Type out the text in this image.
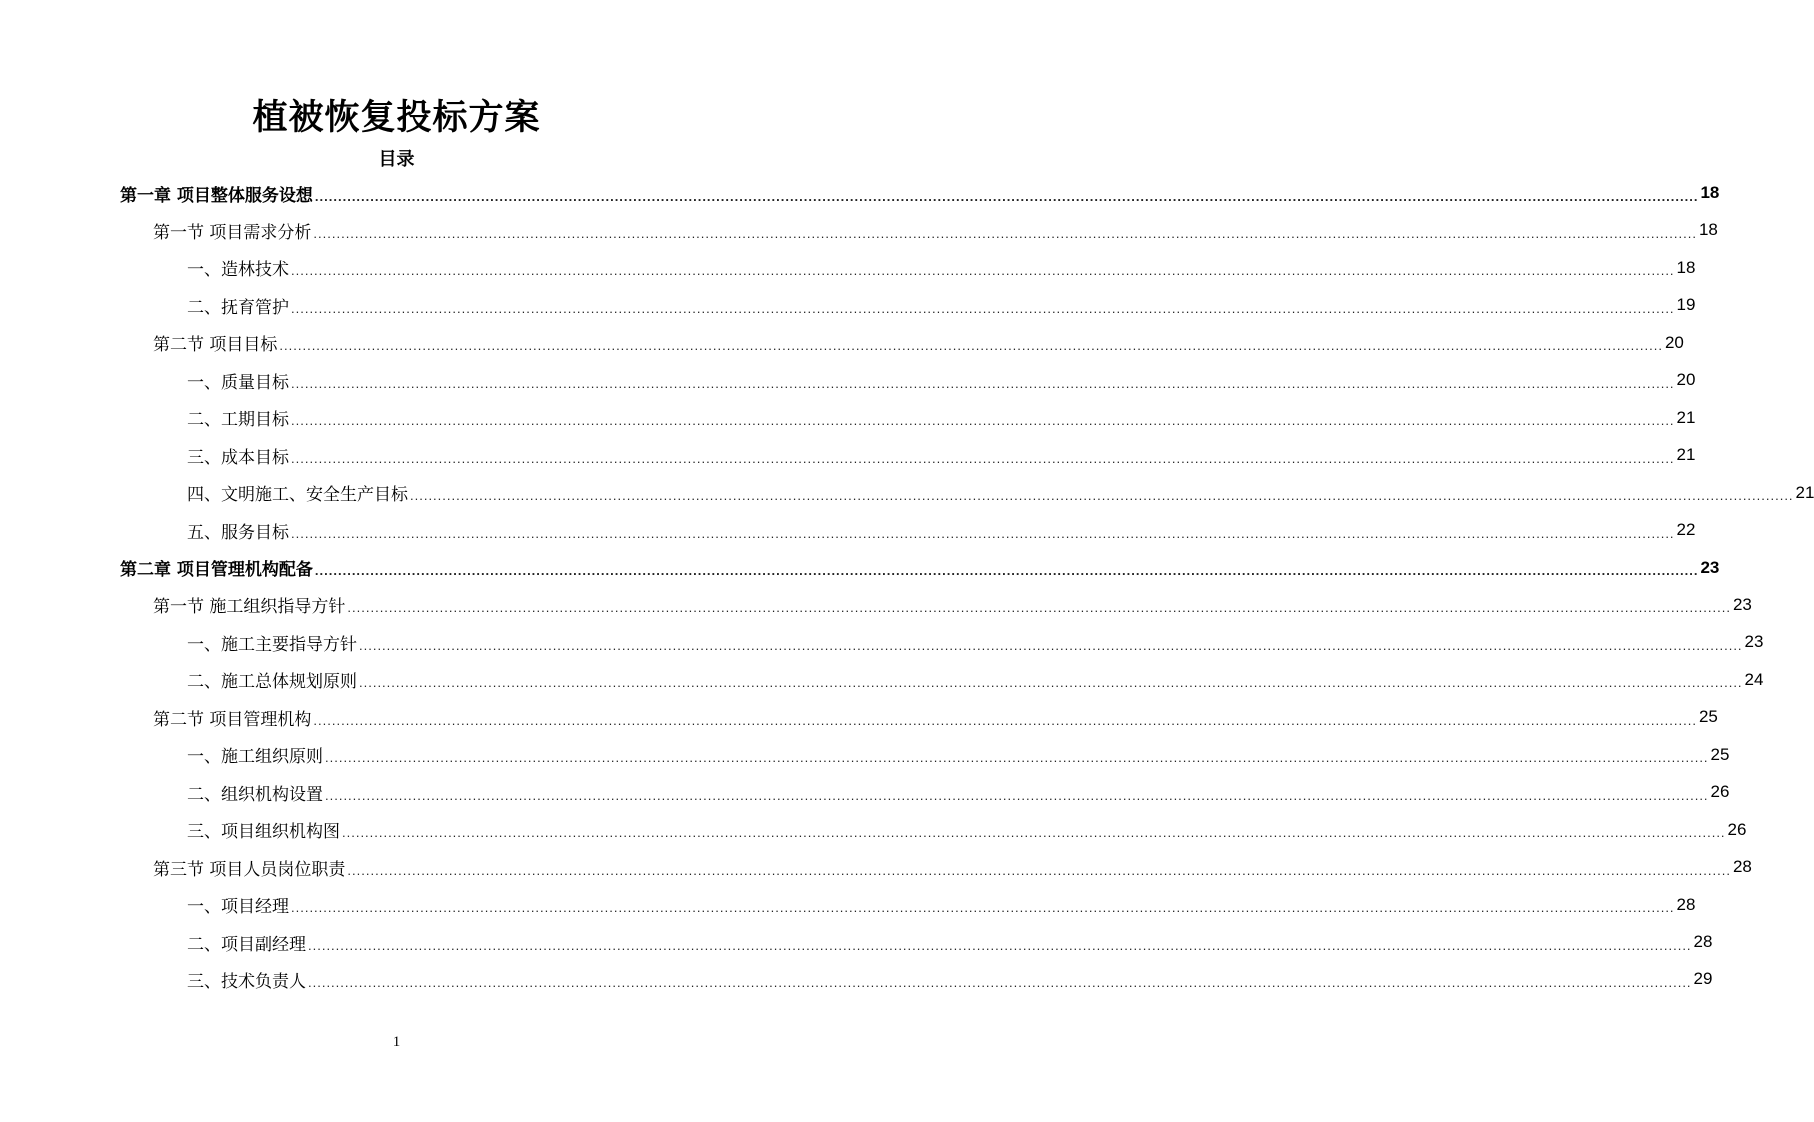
植被恢复投标方案
目录
第一章 项目整体服务设想 ............................................................................................................................................................................................................................................................................................................ 18
第一节 项目需求分析 ............................................................................................................................................................................................................................................................................................................ 18
一、造林技术 ............................................................................................................................................................................................................................................................................................................ 18
二、抚育管护 ............................................................................................................................................................................................................................................................................................................ 19
第二节 项目目标 ............................................................................................................................................................................................................................................................................................................ 20
一、质量目标 ............................................................................................................................................................................................................................................................................................................ 20
二、工期目标 ............................................................................................................................................................................................................................................................................................................ 21
三、成本目标 ............................................................................................................................................................................................................................................................................................................ 21
四、文明施工、安全生产目标 ............................................................................................................................................................................................................................................................................................................ 21
五、服务目标 ............................................................................................................................................................................................................................................................................................................ 22
第二章 项目管理机构配备 ............................................................................................................................................................................................................................................................................................................ 23
第一节 施工组织指导方针 ............................................................................................................................................................................................................................................................................................................ 23
一、施工主要指导方针 ............................................................................................................................................................................................................................................................................................................ 23
二、施工总体规划原则 ............................................................................................................................................................................................................................................................................................................ 24
第二节 项目管理机构 ............................................................................................................................................................................................................................................................................................................ 25
一、施工组织原则 ............................................................................................................................................................................................................................................................................................................ 25
二、组织机构设置 ............................................................................................................................................................................................................................................................................................................ 26
三、项目组织机构图 ............................................................................................................................................................................................................................................................................................................ 26
第三节 项目人员岗位职责 ............................................................................................................................................................................................................................................................................................................ 28
一、项目经理 ............................................................................................................................................................................................................................................................................................................ 28
二、项目副经理 ............................................................................................................................................................................................................................................................................................................ 28
三、技术负责人 ............................................................................................................................................................................................................................................................................................................ 29
1
